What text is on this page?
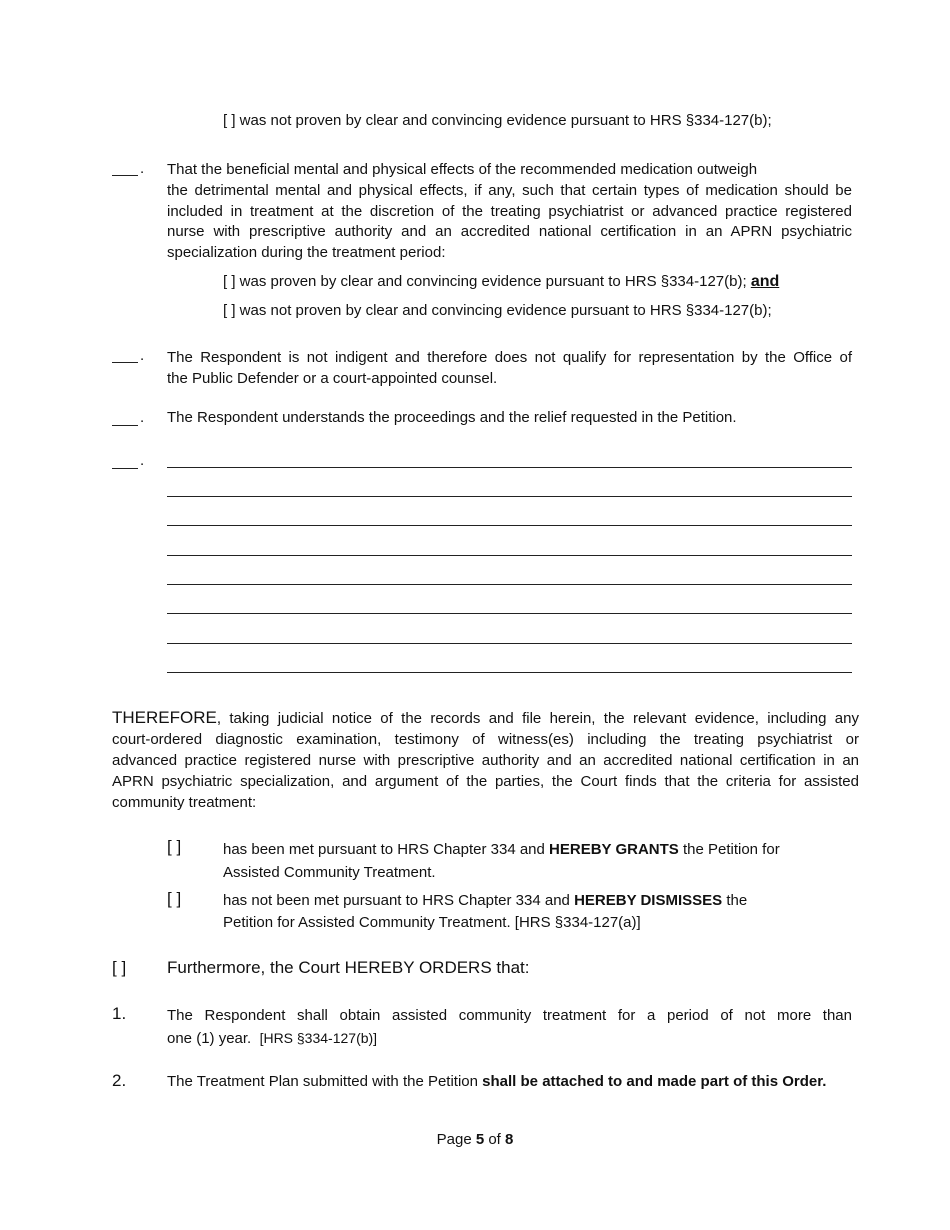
[ ] was not proven by clear and convincing evidence pursuant to HRS §334-127(b);
. That the beneficial mental and physical effects of the recommended medication outweigh
the detrimental mental and physical effects, if any, such that certain types of medication should be
included in treatment at the discretion of the treating psychiatrist or advanced practice registered
nurse with prescriptive authority and an accredited national certification in an APRN psychiatric
specialization during the treatment period:
[ ] was proven by clear and convincing evidence pursuant to HRS §334-127(b); and
[ ] was not proven by clear and convincing evidence pursuant to HRS §334-127(b);
. The Respondent is not indigent and therefore does not qualify for representation by the Office of
the Public Defender or a court-appointed counsel.
. The Respondent understands the proceedings and the relief requested in the Petition.
.
THEREFORE, taking judicial notice of the records and file herein, the relevant evidence, including any
court-ordered diagnostic examination, testimony of witness(es) including the treating psychiatrist or
advanced practice registered nurse with prescriptive authority and an accredited national certification in an
APRN psychiatric specialization, and argument of the parties, the Court finds that the criteria for assisted
community treatment:
[ ]	has been met pursuant to HRS Chapter 334 and HEREBY GRANTS the Petition for
Assisted Community Treatment.
[ ]	has not been met pursuant to HRS Chapter 334 and HEREBY DISMISSES the
Petition for Assisted Community Treatment. [HRS §334-127(a)]
[ ] Furthermore, the Court HEREBY ORDERS that:
1.	The Respondent shall obtain assisted community treatment for a period of not more than
one (1) year. [HRS §334-127(b)]
2.	The Treatment Plan submitted with the Petition shall be attached to and made part of this Order.
Page 5 of 8
